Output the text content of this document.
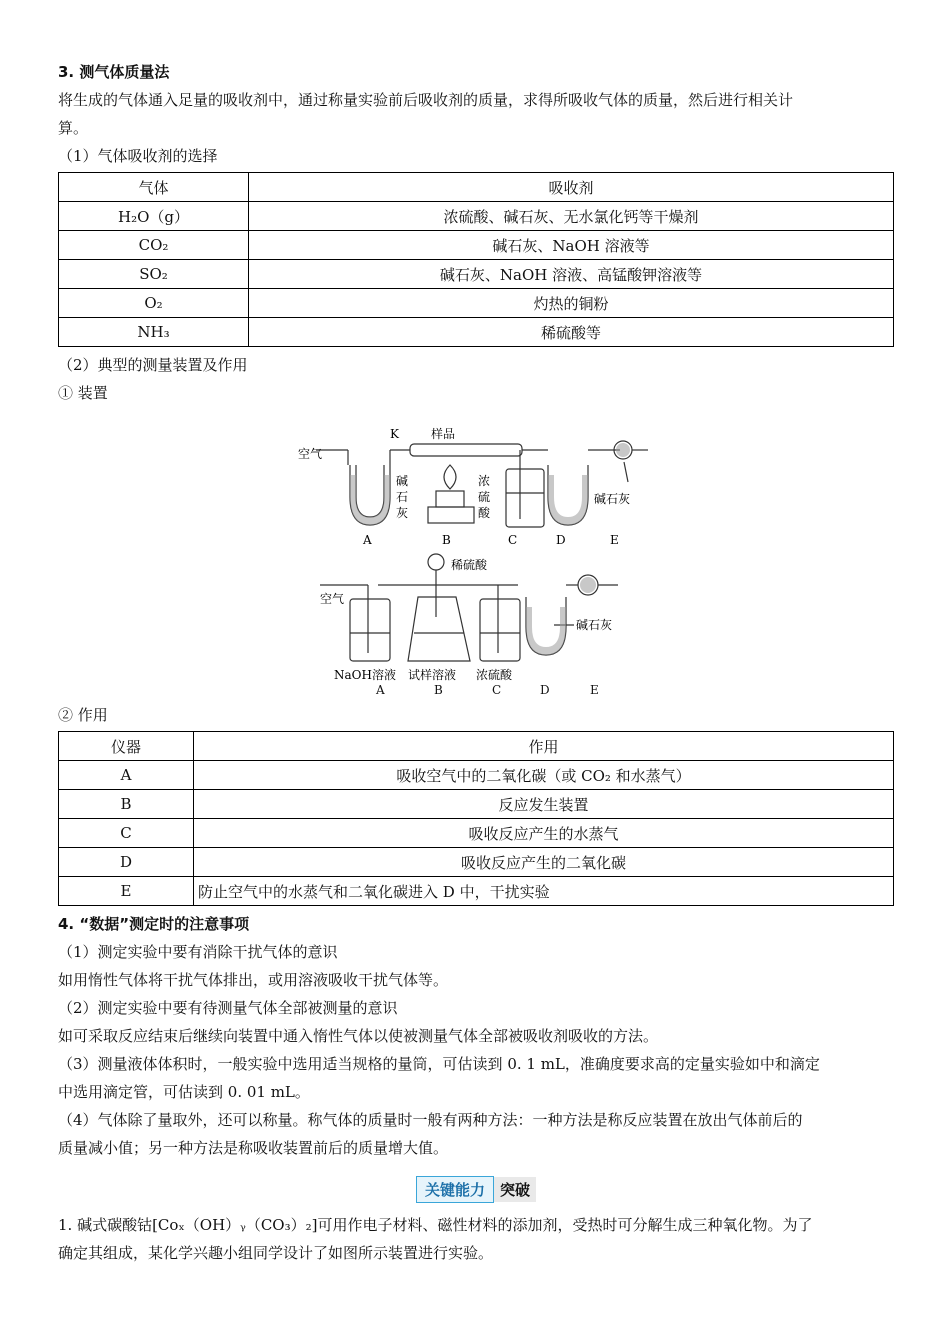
3. 测气体质量法

将生成的气体通入足量的吸收剂中，通过称量实验前后吸收剂的质量，求得所吸收气体的质量，然后进行相关计

算。

（1）气体吸收剂的选择

气体	吸收剂
H₂O（g）	浓硫酸、碱石灰、无水氯化钙等干燥剂
CO₂	碱石灰、NaOH 溶液等
SO₂	碱石灰、NaOH 溶液、高锰酸钾溶液等
O₂	灼热的铜粉
NH₃	稀硫酸等

（2）典型的测量装置及作用

① 装置

空气
K	样品
碱
石
灰
浓
硫
酸
碱石灰
A	B	C	D	E
空气
稀硫酸
碱石灰
NaOH溶液 试样溶液 浓硫酸
A	B	C	D	E

② 作用

仪器	作用
A	吸收空气中的二氧化碳（或 CO₂ 和水蒸气）
B	反应发生装置
C	吸收反应产生的水蒸气
D	吸收反应产生的二氧化碳
E	防止空气中的水蒸气和二氧化碳进入 D 中，干扰实验

4. “数据”测定时的注意事项

（1）测定实验中要有消除干扰气体的意识

如用惰性气体将干扰气体排出，或用溶液吸收干扰气体等。

（2）测定实验中要有待测量气体全部被测量的意识

如可采取反应结束后继续向装置中通入惰性气体以使被测量气体全部被吸收剂吸收的方法。

（3）测量液体体积时，一般实验中选用适当规格的量筒，可估读到 0. 1 mL，准确度要求高的定量实验如中和滴定

中选用滴定管，可估读到 0. 01 mL。

（4）气体除了量取外，还可以称量。称气体的质量时一般有两种方法：一种方法是称反应装置在放出气体前后的

质量减小值；另一种方法是称吸收装置前后的质量增大值。

关键能力 突破

1. 碱式碳酸钴[Coₓ（OH）ᵧ（CO₃）₂]可用作电子材料、磁性材料的添加剂，受热时可分解生成三种氧化物。为了

确定其组成，某化学兴趣小组同学设计了如图所示装置进行实验。
